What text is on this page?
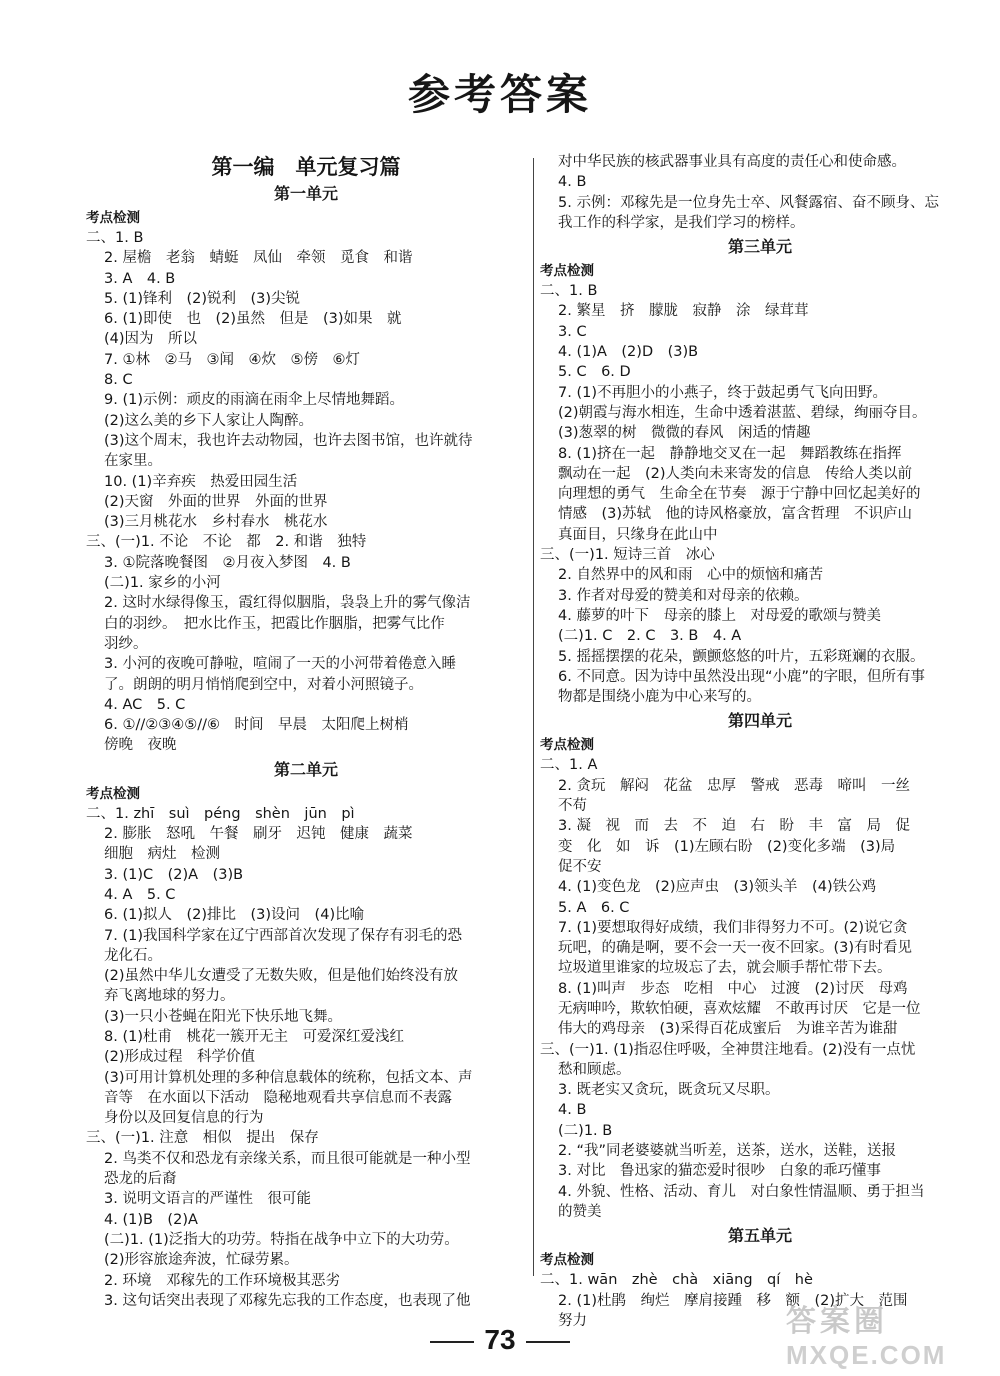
参考答案
第一编　单元复习篇
第一单元
考点检测
二、1. B
2. 屋檐　老翁　蜻蜓　凤仙　牵领　觅食　和谐
3. A　4. B
5. (1)锋利　(2)锐利　(3)尖锐
6. (1)即使　也　(2)虽然　但是　(3)如果　就
(4)因为　所以
7. ①林　②马　③闻　④炊　⑤傍　⑥灯
8. C
9. (1)示例：顽皮的雨滴在雨伞上尽情地舞蹈。
(2)这么美的乡下人家让人陶醉。
(3)这个周末，我也许去动物园，也许去图书馆，也许就待
在家里。
10. (1)辛弃疾　热爱田园生活
(2)天窗　外面的世界　外面的世界
(3)三月桃花水　乡村春水　桃花水
三、(一)1. 不论　不论　都　2. 和谐　独特
3. ①院落晚餐图　②月夜入梦图　4. B
(二)1. 家乡的小河
2. 这时水绿得像玉，霞红得似胭脂，袅袅上升的雾气像洁
白的羽纱。　把水比作玉，把霞比作胭脂，把雾气比作
羽纱。
3. 小河的夜晚可静啦，喧闹了一天的小河带着倦意入睡
了。朗朗的明月悄悄爬到空中，对着小河照镜子。
4. AC　5. C
6. ①//②③④⑤//⑥　时间　早晨　太阳爬上树梢
傍晚　夜晚
第二单元
考点检测
二、1. zhī　suì　péng　shèn　jūn　pì
2. 膨胀　怒吼　午餐　刷牙　迟钝　健康　蔬菜
细胞　病灶　检测
3. (1)C　(2)A　(3)B
4. A　5. C
6. (1)拟人　(2)排比　(3)设问　(4)比喻
7. (1)我国科学家在辽宁西部首次发现了保存有羽毛的恐
龙化石。
(2)虽然中华儿女遭受了无数失败，但是他们始终没有放
弃飞离地球的努力。
(3)一只小苍蝇在阳光下快乐地飞舞。
8. (1)杜甫　桃花一簇开无主　可爱深红爱浅红
(2)形成过程　科学价值
(3)可用计算机处理的多种信息载体的统称，包括文本、声
音等　在水面以下活动　隐秘地观看共享信息而不表露
身份以及回复信息的行为
三、(一)1. 注意　相似　提出　保存
2. 鸟类不仅和恐龙有亲缘关系，而且很可能就是一种小型
恐龙的后裔
3. 说明文语言的严谨性　很可能
4. (1)B　(2)A
(二)1. (1)泛指大的功劳。特指在战争中立下的大功劳。
(2)形容旅途奔波，忙碌劳累。
2. 环境　邓稼先的工作环境极其恶劣
3. 这句话突出表现了邓稼先忘我的工作态度，也表现了他
对中华民族的核武器事业具有高度的责任心和使命感。
4. B
5. 示例：邓稼先是一位身先士卒、风餐露宿、奋不顾身、忘
我工作的科学家，是我们学习的榜样。
第三单元
考点检测
二、1. B
2. 繁星　挤　朦胧　寂静　涂　绿茸茸
3. C
4. (1)A　(2)D　(3)B
5. C　6. D
7. (1)不再胆小的小燕子，终于鼓起勇气飞向田野。
(2)朝霞与海水相连，生命中透着湛蓝、碧绿，绚丽夺目。
(3)葱翠的树　微微的春风　闲适的情趣
8. (1)挤在一起　静静地交叉在一起　舞蹈教练在指挥
飘动在一起　(2)人类向未来寄发的信息　传给人类以前
向理想的勇气　生命全在节奏　源于宁静中回忆起美好的
情感　(3)苏轼　他的诗风格豪放，富含哲理　不识庐山
真面目，只缘身在此山中
三、(一)1. 短诗三首　冰心
2. 自然界中的风和雨　心中的烦恼和痛苦
3. 作者对母爱的赞美和对母亲的依赖。
4. 藤萝的叶下　母亲的膝上　对母爱的歌颂与赞美
(二)1. C　2. C　3. B　4. A
5. 摇摇摆摆的花朵，颤颤悠悠的叶片，五彩斑斓的衣服。
6. 不同意。因为诗中虽然没出现“小鹿”的字眼，但所有事
物都是围绕小鹿为中心来写的。
第四单元
考点检测
二、1. A
2. 贪玩　解闷　花盆　忠厚　警戒　恶毒　啼叫　一丝
不苟
3. 凝　视　而　去　不　迫　右　盼　丰　富　局　促
变　化　如　诉　(1)左顾右盼　(2)变化多端　(3)局
促不安
4. (1)变色龙　(2)应声虫　(3)领头羊　(4)铁公鸡
5. A　6. C
7. (1)要想取得好成绩，我们非得努力不可。(2)说它贪
玩吧，的确是啊，要不会一天一夜不回家。(3)有时看见
垃圾道里谁家的垃圾忘了去，就会顺手帮忙带下去。
8. (1)叫声　步态　吃相　中心　过渡　(2)讨厌　母鸡
无病呻吟，欺软怕硬，喜欢炫耀　不敢再讨厌　它是一位
伟大的鸡母亲　(3)采得百花成蜜后　为谁辛苦为谁甜
三、(一)1. (1)指忍住呼吸，全神贯注地看。(2)没有一点忧
愁和顾虑。
3. 既老实又贪玩，既贪玩又尽职。
4. B
(二)1. B
2. “我”同老婆婆就当听差，送茶，送水，送鞋，送报
3. 对比　鲁迅家的猫恋爱时很吵　白象的乖巧懂事
4. 外貌、性格、活动、育儿　对白象性情温顺、勇于担当
的赞美
第五单元
考点检测
二、1. wān　zhè　chà　xiāng　qí　hè
2. (1)杜鹃　绚烂　摩肩接踵　移　额　(2)扩大　范围
努力
73
答案圈
MXQE.COM
